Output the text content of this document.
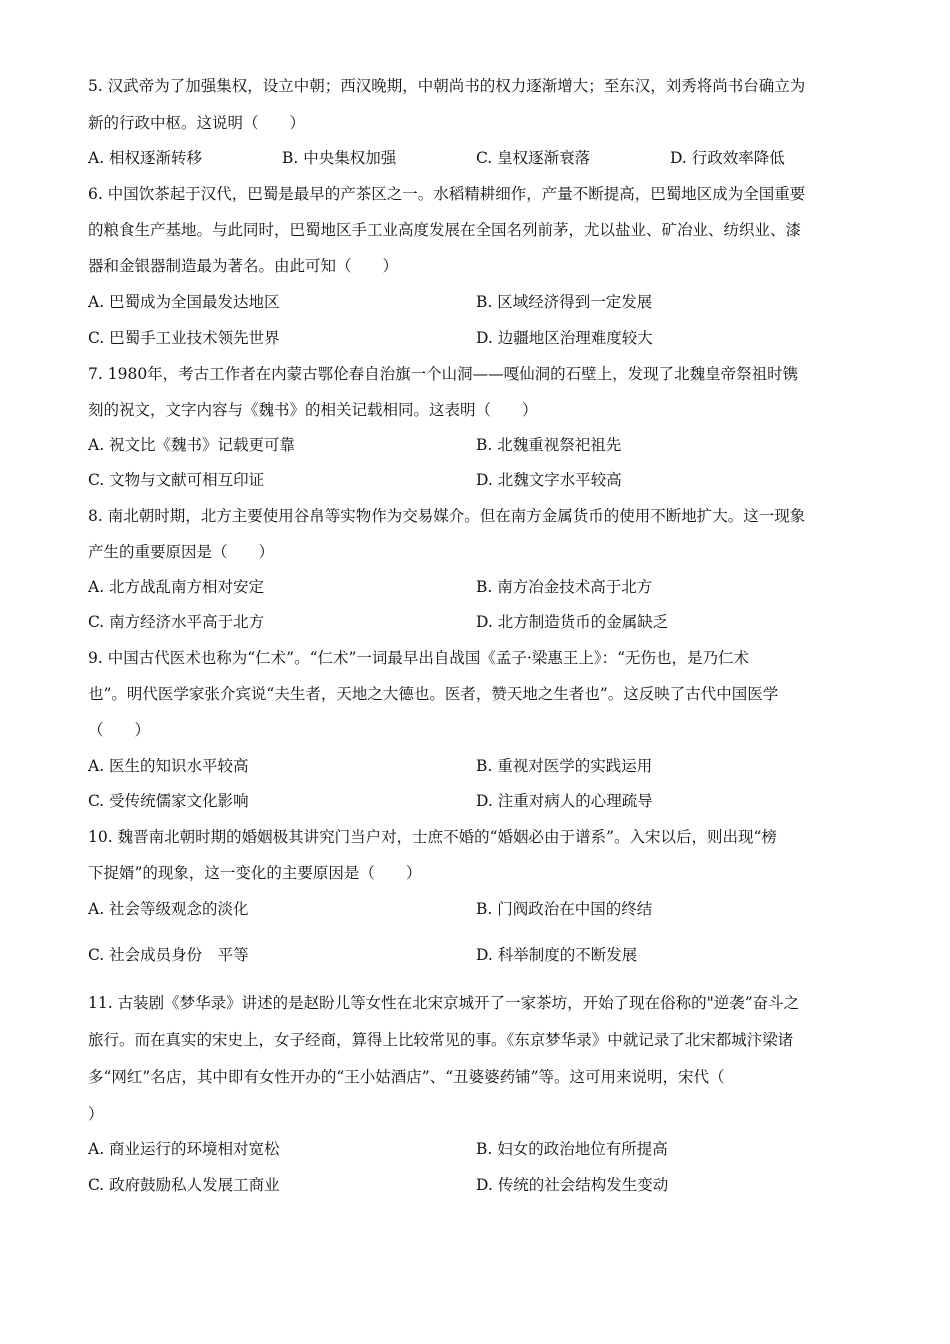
5. 汉武帝为了加强集权，设立中朝；西汉晚期，中朝尚书的权力逐渐增大；至东汉，刘秀将尚书台确立为
新的行政中枢。这说明（　　）
A. 相权逐渐转移	B. 中央集权加强	C. 皇权逐渐衰落	D. 行政效率降低
6. 中国饮茶起于汉代，巴蜀是最早的产茶区之一。水稻精耕细作，产量不断提高，巴蜀地区成为全国重要
的粮食生产基地。与此同时，巴蜀地区手工业高度发展在全国名列前茅，尤以盐业、矿冶业、纺织业、漆
器和金银器制造最为著名。由此可知（　　）
A. 巴蜀成为全国最发达地区	B. 区域经济得到一定发展
C. 巴蜀手工业技术领先世界	D. 边疆地区治理难度较大
7. 1980年，考古工作者在内蒙古鄂伦春自治旗一个山洞——嘎仙洞的石壁上，发现了北魏皇帝祭祖时镌
刻的祝文，文字内容与《魏书》的相关记载相同。这表明（　　）
A. 祝文比《魏书》记载更可靠	B. 北魏重视祭祀祖先
C. 文物与文献可相互印证	D. 北魏文字水平较高
8. 南北朝时期，北方主要使用谷帛等实物作为交易媒介。但在南方金属货币的使用不断地扩大。这一现象
产生的重要原因是（　　）
A. 北方战乱南方相对安定	B. 南方冶金技术高于北方
C. 南方经济水平高于北方	D. 北方制造货币的金属缺乏
9. 中国古代医术也称为“仁术”。“仁术”一词最早出自战国《孟子·梁惠王上》：“无伤也，是乃仁术
也”。明代医学家张介宾说“夫生者，天地之大德也。医者，赞天地之生者也”。这反映了古代中国医学
（　　）
A. 医生的知识水平较高	B. 重视对医学的实践运用
C. 受传统儒家文化影响	D. 注重对病人的心理疏导
10. 魏晋南北朝时期的婚姻极其讲究门当户对，士庶不婚的“婚姻必由于谱系”。入宋以后，则出现“榜
下捉婿”的现象，这一变化的主要原因是（　　）
A. 社会等级观念的淡化	B. 门阀政治在中国的终结
C. 社会成员身份　平等	D. 科举制度的不断发展
11. 古装剧《梦华录》讲述的是赵盼儿等女性在北宋京城开了一家茶坊，开始了现在俗称的"逆袭”奋斗之
旅行。而在真实的宋史上，女子经商，算得上比较常见的事。《东京梦华录》中就记录了北宋都城汴梁诸
多“网红”名店，其中即有女性开办的“王小姑酒店”、“丑婆婆药铺”等。这可用来说明，宋代（
）
A. 商业运行的环境相对宽松	B. 妇女的政治地位有所提高
C. 政府鼓励私人发展工商业	D. 传统的社会结构发生变动
